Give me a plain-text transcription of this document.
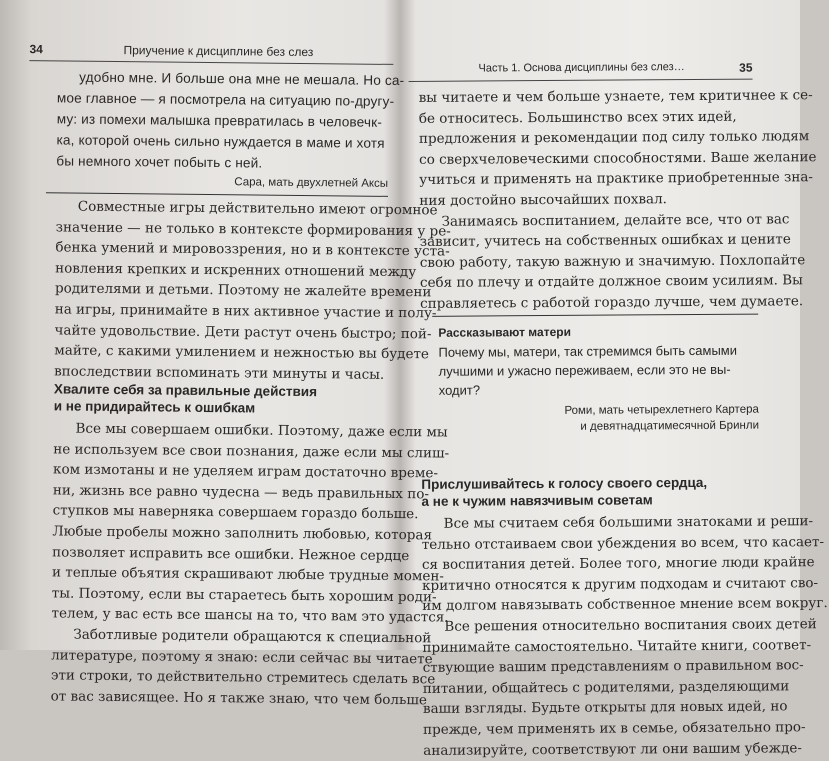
34	Приучение к дисциплине без слез
удобно мне. И больше она мне не мешала. Но са-
мое главное — я посмотрела на ситуацию по-другу-
му: из помехи малышка превратилась в человечк-
ка, которой очень сильно нуждается в маме и хотя
бы немного хочет побыть с ней.
Сара, мать двухлетней Аксы
Совместные игры действительно имеют огромное
значение — не только в контексте формирования у ре-
бенка умений и мировоззрения, но и в контексте уста-
новления крепких и искренних отношений между
родителями и детьми. Поэтому не жалейте времени
на игры, принимайте в них активное участие и полу-
чайте удовольствие. Дети растут очень быстро; пой-
майте, с какими умилением и нежностью вы будете
впоследствии вспоминать эти минуты и часы.
Хвалите себя за правильные действия
и не придирайтесь к ошибкам
Все мы совершаем ошибки. Поэтому, даже если мы
не используем все свои познания, даже если мы слиш-
ком измотаны и не уделяем играм достаточно време-
ни, жизнь все равно чудесна — ведь правильных по-
ступков мы наверняка совершаем гораздо больше.
Любые пробелы можно заполнить любовью, которая
позволяет исправить все ошибки. Нежное сердце
и теплые объятия скрашивают любые трудные момен-
ты. Поэтому, если вы стараетесь быть хорошим роди-
телем, у вас есть все шансы на то, что вам это удастся.
Заботливые родители обращаются к специальной
литературе, поэтому я знаю: если сейчас вы читаете
эти строки, то действительно стремитесь сделать все
от вас зависящее. Но я также знаю, что чем больше
Часть 1. Основа дисциплины без слез…	35
вы читаете и чем больше узнаете, тем критичнее к се-
бе относитесь. Большинство всех этих идей,
предложения и рекомендации под силу только людям
со сверхчеловеческими способностями. Ваше желание
учиться и применять на практике приобретенные зна-
ния достойно высочайших похвал.
Занимаясь воспитанием, делайте все, что от вас
зависит, учитесь на собственных ошибках и цените
свою работу, такую важную и значимую. Похлопайте
себя по плечу и отдайте должное своим усилиям. Вы
справляетесь с работой гораздо лучше, чем думаете.
Рассказывают матери
Почему мы, матери, так стремимся быть самыми
лучшими и ужасно переживаем, если это не вы-
ходит?
Роми, мать четырехлетнего Картера
и девятнадцатимесячной Бринли
Прислушивайтесь к голосу своего сердца,
а не к чужим навязчивым советам
Все мы считаем себя большими знатоками и реши-
тельно отстаиваем свои убеждения во всем, что касает-
ся воспитания детей. Более того, многие люди крайне
критично относятся к другим подходам и считают сво-
им долгом навязывать собственное мнение всем вокруг.
Все решения относительно воспитания своих детей
принимайте самостоятельно. Читайте книги, соответ-
ствующие вашим представлениям о правильном вос-
питании, общайтесь с родителями, разделяющими
ваши взгляды. Будьте открыты для новых идей, но
прежде, чем применять их в семье, обязательно про-
анализируйте, соответствуют ли они вашим убежде-
